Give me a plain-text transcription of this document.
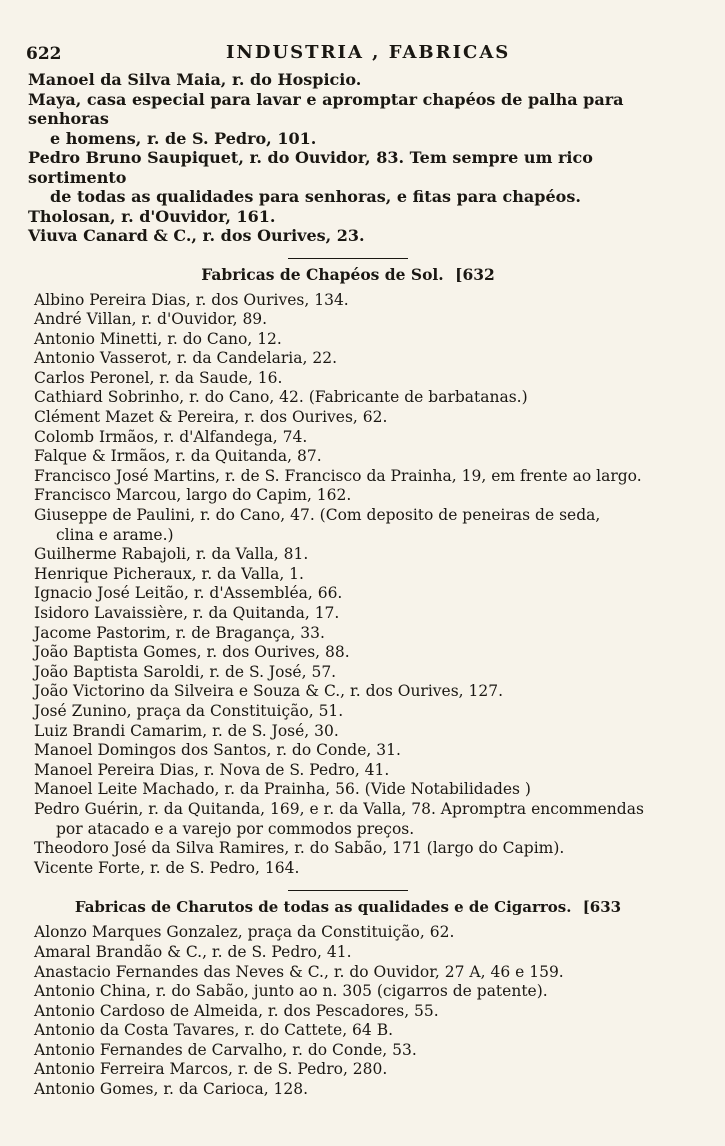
622	INDUSTRIA , FABRICAS

Manoel da Silva Maia, r. do Hospicio.

Maya, casa especial para lavar e apromptar chapéos de palha para senhoras
e homens, r. de S. Pedro, 101.

Pedro Bruno Saupiquet, r. do Ouvidor, 83. Tem sempre um rico sortimento
de todas as qualidades para senhoras, e fitas para chapéos.

Tholosan, r. d'Ouvidor, 161.

Viuva Canard & C., r. dos Ourives, 23.

Fabricas de Chapéos de Sol. [632

Albino Pereira Dias, r. dos Ourives, 134.

André Villan, r. d'Ouvidor, 89.

Antonio Minetti, r. do Cano, 12.

Antonio Vasserot, r. da Candelaria, 22.

Carlos Peronel, r. da Saude, 16.

Cathiard Sobrinho, r. do Cano, 42. (Fabricante de barbatanas.)

Clément Mazet & Pereira, r. dos Ourives, 62.

Colomb Irmãos, r. d'Alfandega, 74.

Falque & Irmãos, r. da Quitanda, 87.

Francisco José Martins, r. de S. Francisco da Prainha, 19, em frente ao largo.

Francisco Marcou, largo do Capim, 162.

Giuseppe de Paulini, r. do Cano, 47. (Com deposito de peneiras de seda,
clina e arame.)

Guilherme Rabajoli, r. da Valla, 81.

Henrique Picheraux, r. da Valla, 1.

Ignacio José Leitão, r. d'Assembléa, 66.

Isidoro Lavaissière, r. da Quitanda, 17.

Jacome Pastorim, r. de Bragança, 33.

João Baptista Gomes, r. dos Ourives, 88.

João Baptista Saroldi, r. de S. José, 57.

João Victorino da Silveira e Souza & C., r. dos Ourives, 127.

José Zunino, praça da Constituição, 51.

Luiz Brandi Camarim, r. de S. José, 30.

Manoel Domingos dos Santos, r. do Conde, 31.

Manoel Pereira Dias, r. Nova de S. Pedro, 41.

Manoel Leite Machado, r. da Prainha, 56. (Vide Notabilidades )

Pedro Guérin, r. da Quitanda, 169, e r. da Valla, 78. Apromptra encommendas
por atacado e a varejo por commodos preços.

Theodoro José da Silva Ramires, r. do Sabão, 171 (largo do Capim).

Vicente Forte, r. de S. Pedro, 164.

Fabricas de Charutos de todas as qualidades e de Cigarros. [633

Alonzo Marques Gonzalez, praça da Constituição, 62.

Amaral Brandão & C., r. de S. Pedro, 41.

Anastacio Fernandes das Neves & C., r. do Ouvidor, 27 A, 46 e 159.

Antonio China, r. do Sabão, junto ao n. 305 (cigarros de patente).

Antonio Cardoso de Almeida, r. dos Pescadores, 55.

Antonio da Costa Tavares, r. do Cattete, 64 B.

Antonio Fernandes de Carvalho, r. do Conde, 53.

Antonio Ferreira Marcos, r. de S. Pedro, 280.

Antonio Gomes, r. da Carioca, 128.
